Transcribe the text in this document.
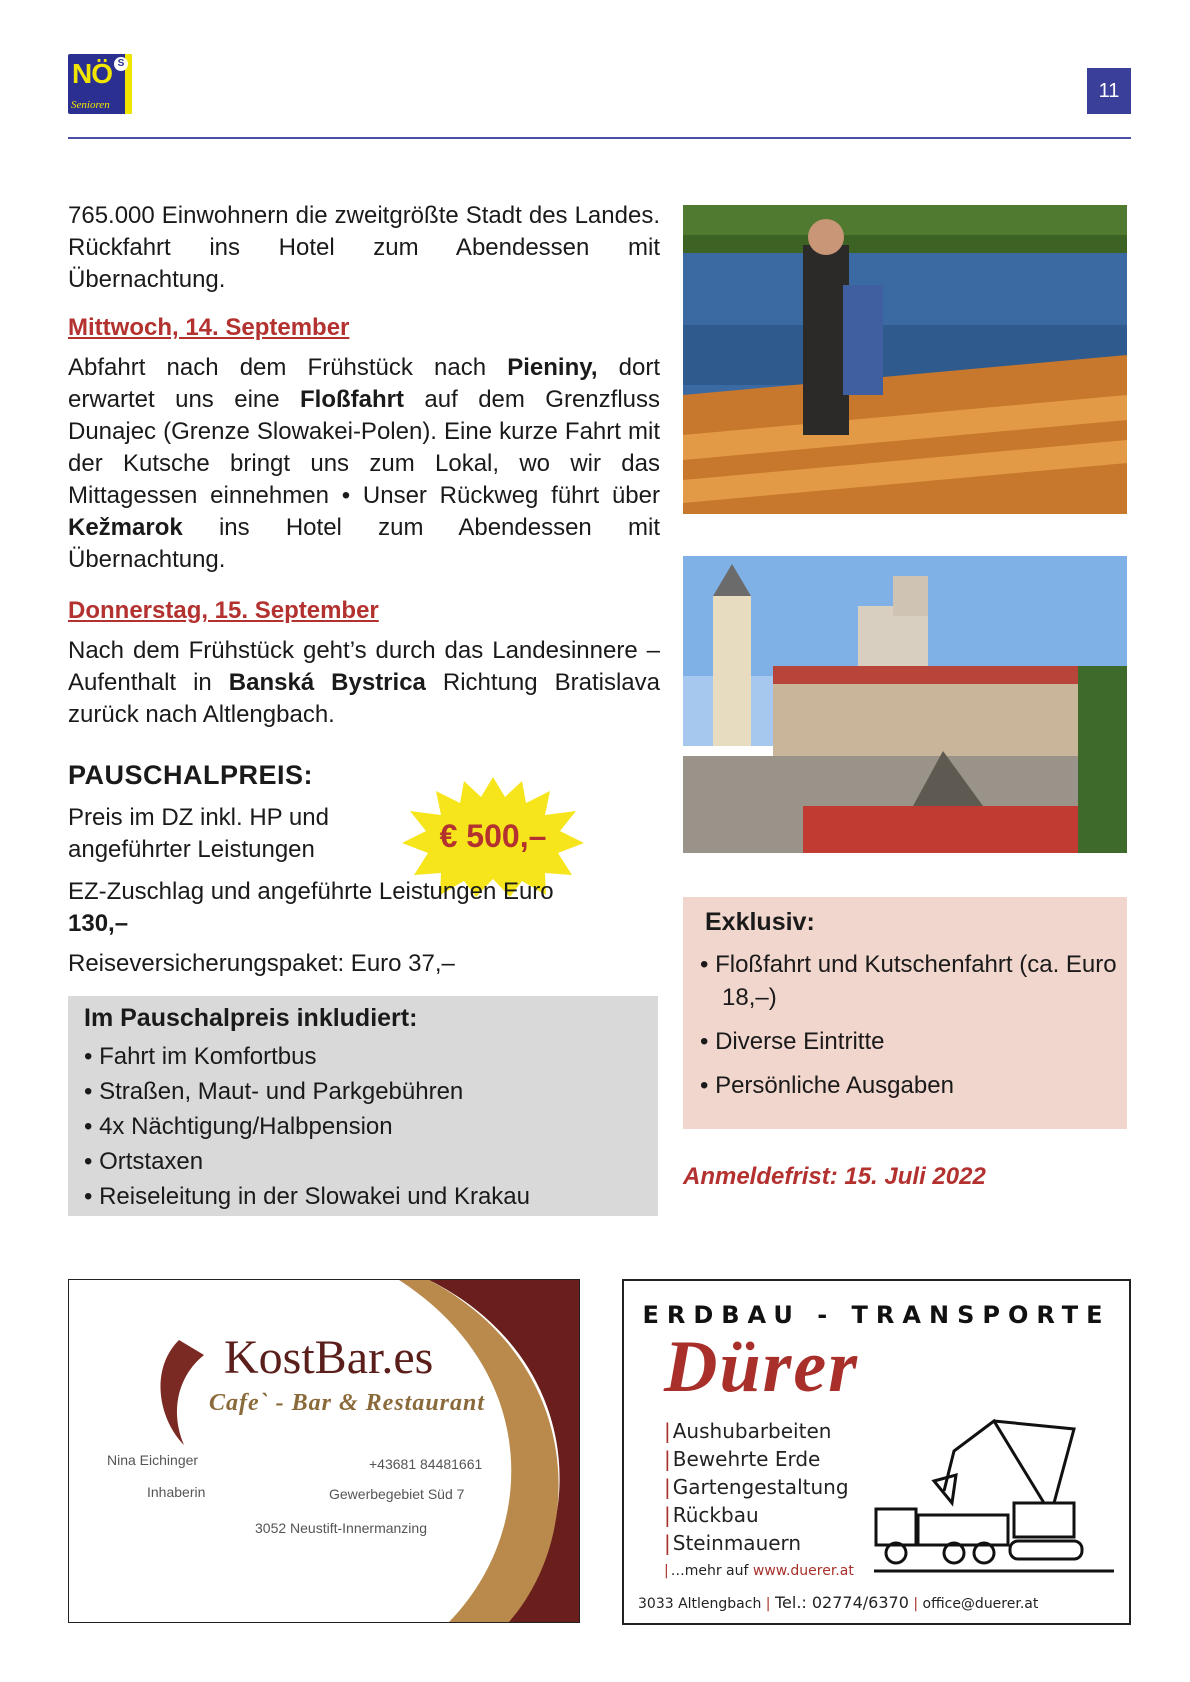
NÖ S
Senioren
11
765.000 Einwohnern die zweitgrößte Stadt des Landes. Rückfahrt ins Hotel zum Abendessen mit Übernachtung.
Mittwoch, 14. September
Abfahrt nach dem Frühstück nach Pieniny, dort erwartet uns eine Floßfahrt auf dem Grenzfluss Dunajec (Grenze Slowakei-Polen). Eine kurze Fahrt mit der Kutsche bringt uns zum Lokal, wo wir das Mittagessen einnehmen • Unser Rückweg führt über Kežmarok ins Hotel zum Abendessen mit Übernachtung.
Donnerstag, 15. September
Nach dem Frühstück geht’s durch das Landesinnere – Aufenthalt in Banská Bystrica Richtung Bratislava zurück nach Altlengbach.
PAUSCHALPREIS:
Preis im DZ inkl. HP und angeführter Leistungen	€ 500,–
EZ-Zuschlag und angeführte Leistungen Euro 130,–
Reiseversicherungspaket: Euro 37,–
Im Pauschalpreis inkludiert:
• Fahrt im Komfortbus
• Straßen, Maut- und Parkgebühren
• 4x Nächtigung/Halbpension
• Ortstaxen
• Reiseleitung in der Slowakei und Krakau
Exklusiv:
• Floßfahrt und Kutschenfahrt (ca. Euro 18,–)
• Diverse Eintritte
• Persönliche Ausgaben
Anmeldefrist: 15. Juli 2022
KostBar.es
Cafe` - Bar & Restaurant
Nina Eichinger
Inhaberin
+43681 84481661
Gewerbegebiet Süd 7
3052 Neustift-Innermanzing
ERDBAU - TRANSPORTE
Dürer
| Aushubarbeiten
| Bewehrte Erde
| Gartengestaltung
| Rückbau
| Steinmauern
| …mehr auf www.duerer.at
3033 Altlengbach | Tel.: 02774/6370 | office@duerer.at
